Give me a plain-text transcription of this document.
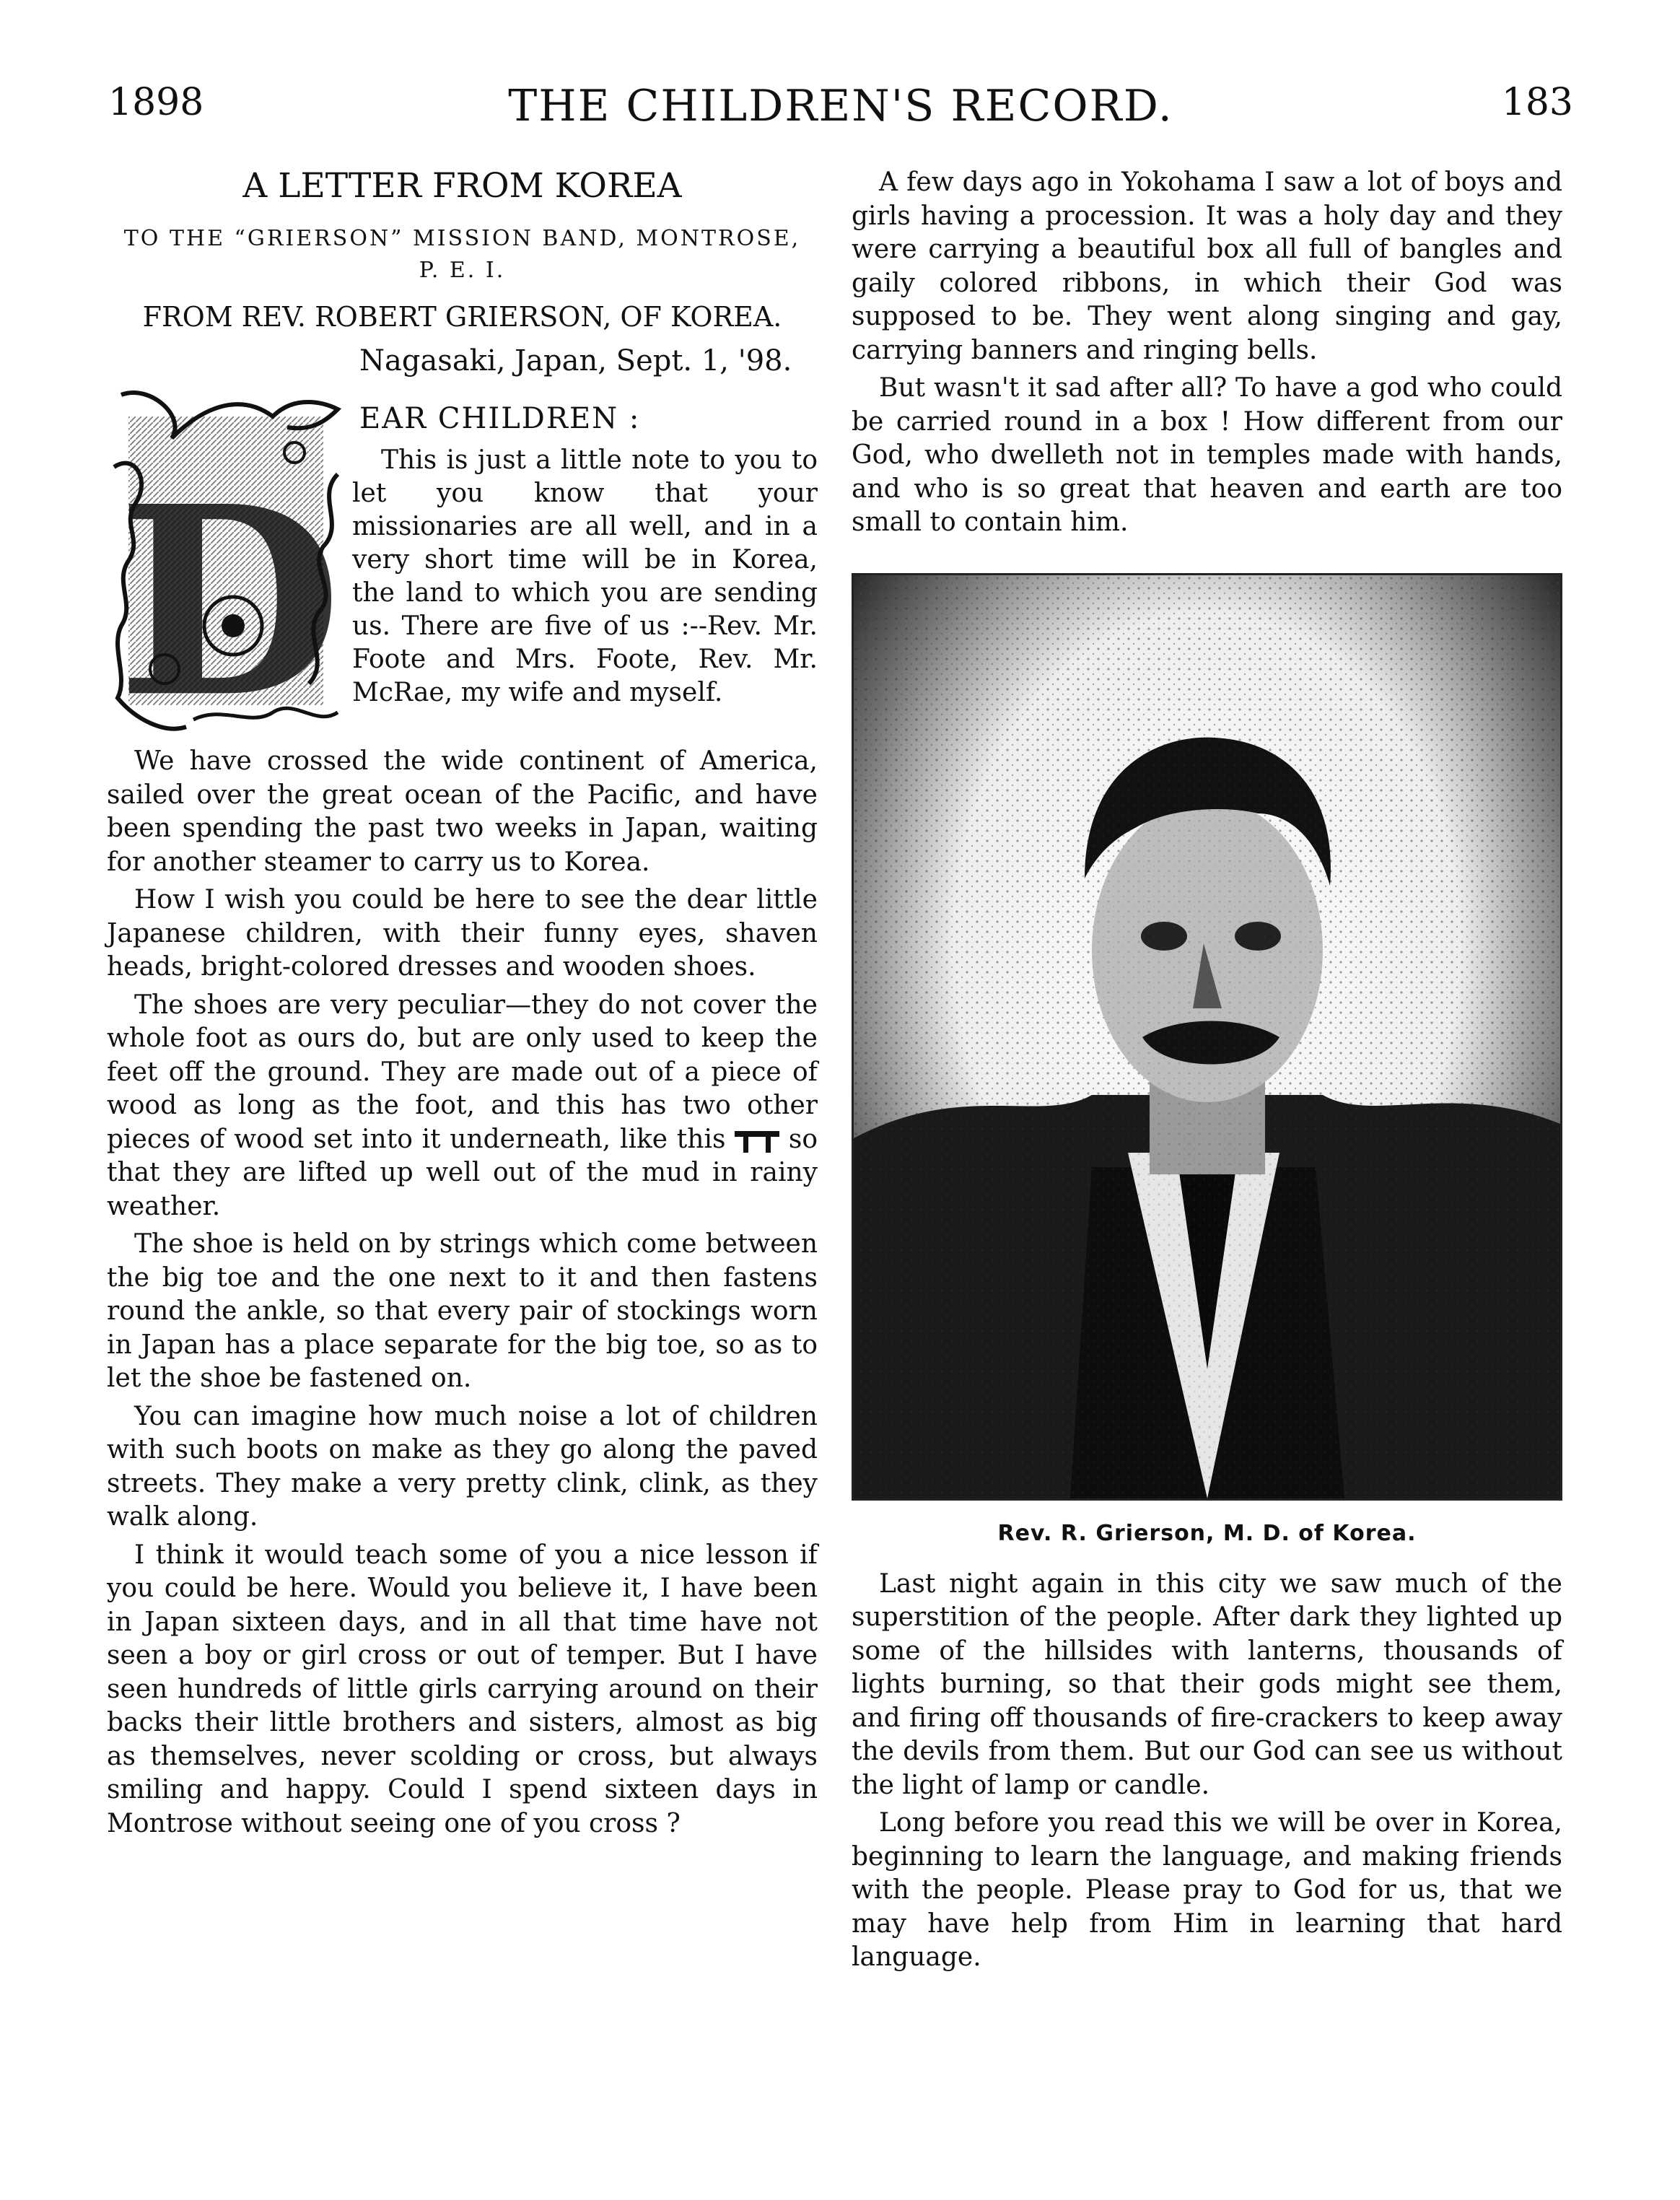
THE CHILDREN'S RECORD.
1898	183
A LETTER FROM KOREA
TO THE “GRIERSON” MISSION BAND, MONTROSE,
P. E. I.
FROM REV. ROBERT GRIERSON, OF KOREA.
Nagasaki, Japan, Sept. 1, '98.
D
EAR CHILDREN :
This is just a little note to you to let you know that your missionaries are all well, and in a very short time will be in Korea, the land to which you are sending us. There are five of us :--Rev. Mr. Foote and Mrs. Foote, Rev. Mr. McRae, my wife and myself.

We have crossed the wide continent of America, sailed over the great ocean of the Pacific, and have been spending the past two weeks in Japan, waiting for another steamer to carry us to Korea.

How I wish you could be here to see the dear little Japanese children, with their funny eyes, shaven heads, bright-colored dresses and wooden shoes.

The shoes are very peculiar—they do not cover the whole foot as ours do, but are only used to keep the feet off the ground. They are made out of a piece of wood as long as the foot, and this has two other pieces of wood set into it underneath, like this so that they are lifted up well out of the mud in rainy weather.

The shoe is held on by strings which come between the big toe and the one next to it and then fastens round the ankle, so that every pair of stockings worn in Japan has a place separate for the big toe, so as to let the shoe be fastened on.

You can imagine how much noise a lot of children with such boots on make as they go along the paved streets. They make a very pretty clink, clink, as they walk along.

I think it would teach some of you a nice lesson if you could be here. Would you believe it, I have been in Japan sixteen days, and in all that time have not seen a boy or girl cross or out of temper. But I have seen hundreds of little girls carrying around on their backs their little brothers and sisters, almost as big as themselves, never scolding or cross, but always smiling and happy. Could I spend sixteen days in Montrose without seeing one of you cross ?

A few days ago in Yokohama I saw a lot of boys and girls having a procession. It was a holy day and they were carrying a beautiful box all full of bangles and gaily colored ribbons, in which their God was supposed to be. They went along singing and gay, carrying banners and ringing bells.

But wasn't it sad after all? To have a god who could be carried round in a box ! How different from our God, who dwelleth not in temples made with hands, and who is so great that heaven and earth are too small to contain him.

Rev. R. Grierson, M. D. of Korea.

Last night again in this city we saw much of the superstition of the people. After dark they lighted up some of the hillsides with lanterns, thousands of lights burning, so that their gods might see them, and firing off thousands of fire-crackers to keep away the devils from them. But our God can see us without the light of lamp or candle.

Long before you read this we will be over in Korea, beginning to learn the language, and making friends with the people. Please pray to God for us, that we may have help from Him in learning that hard language.
